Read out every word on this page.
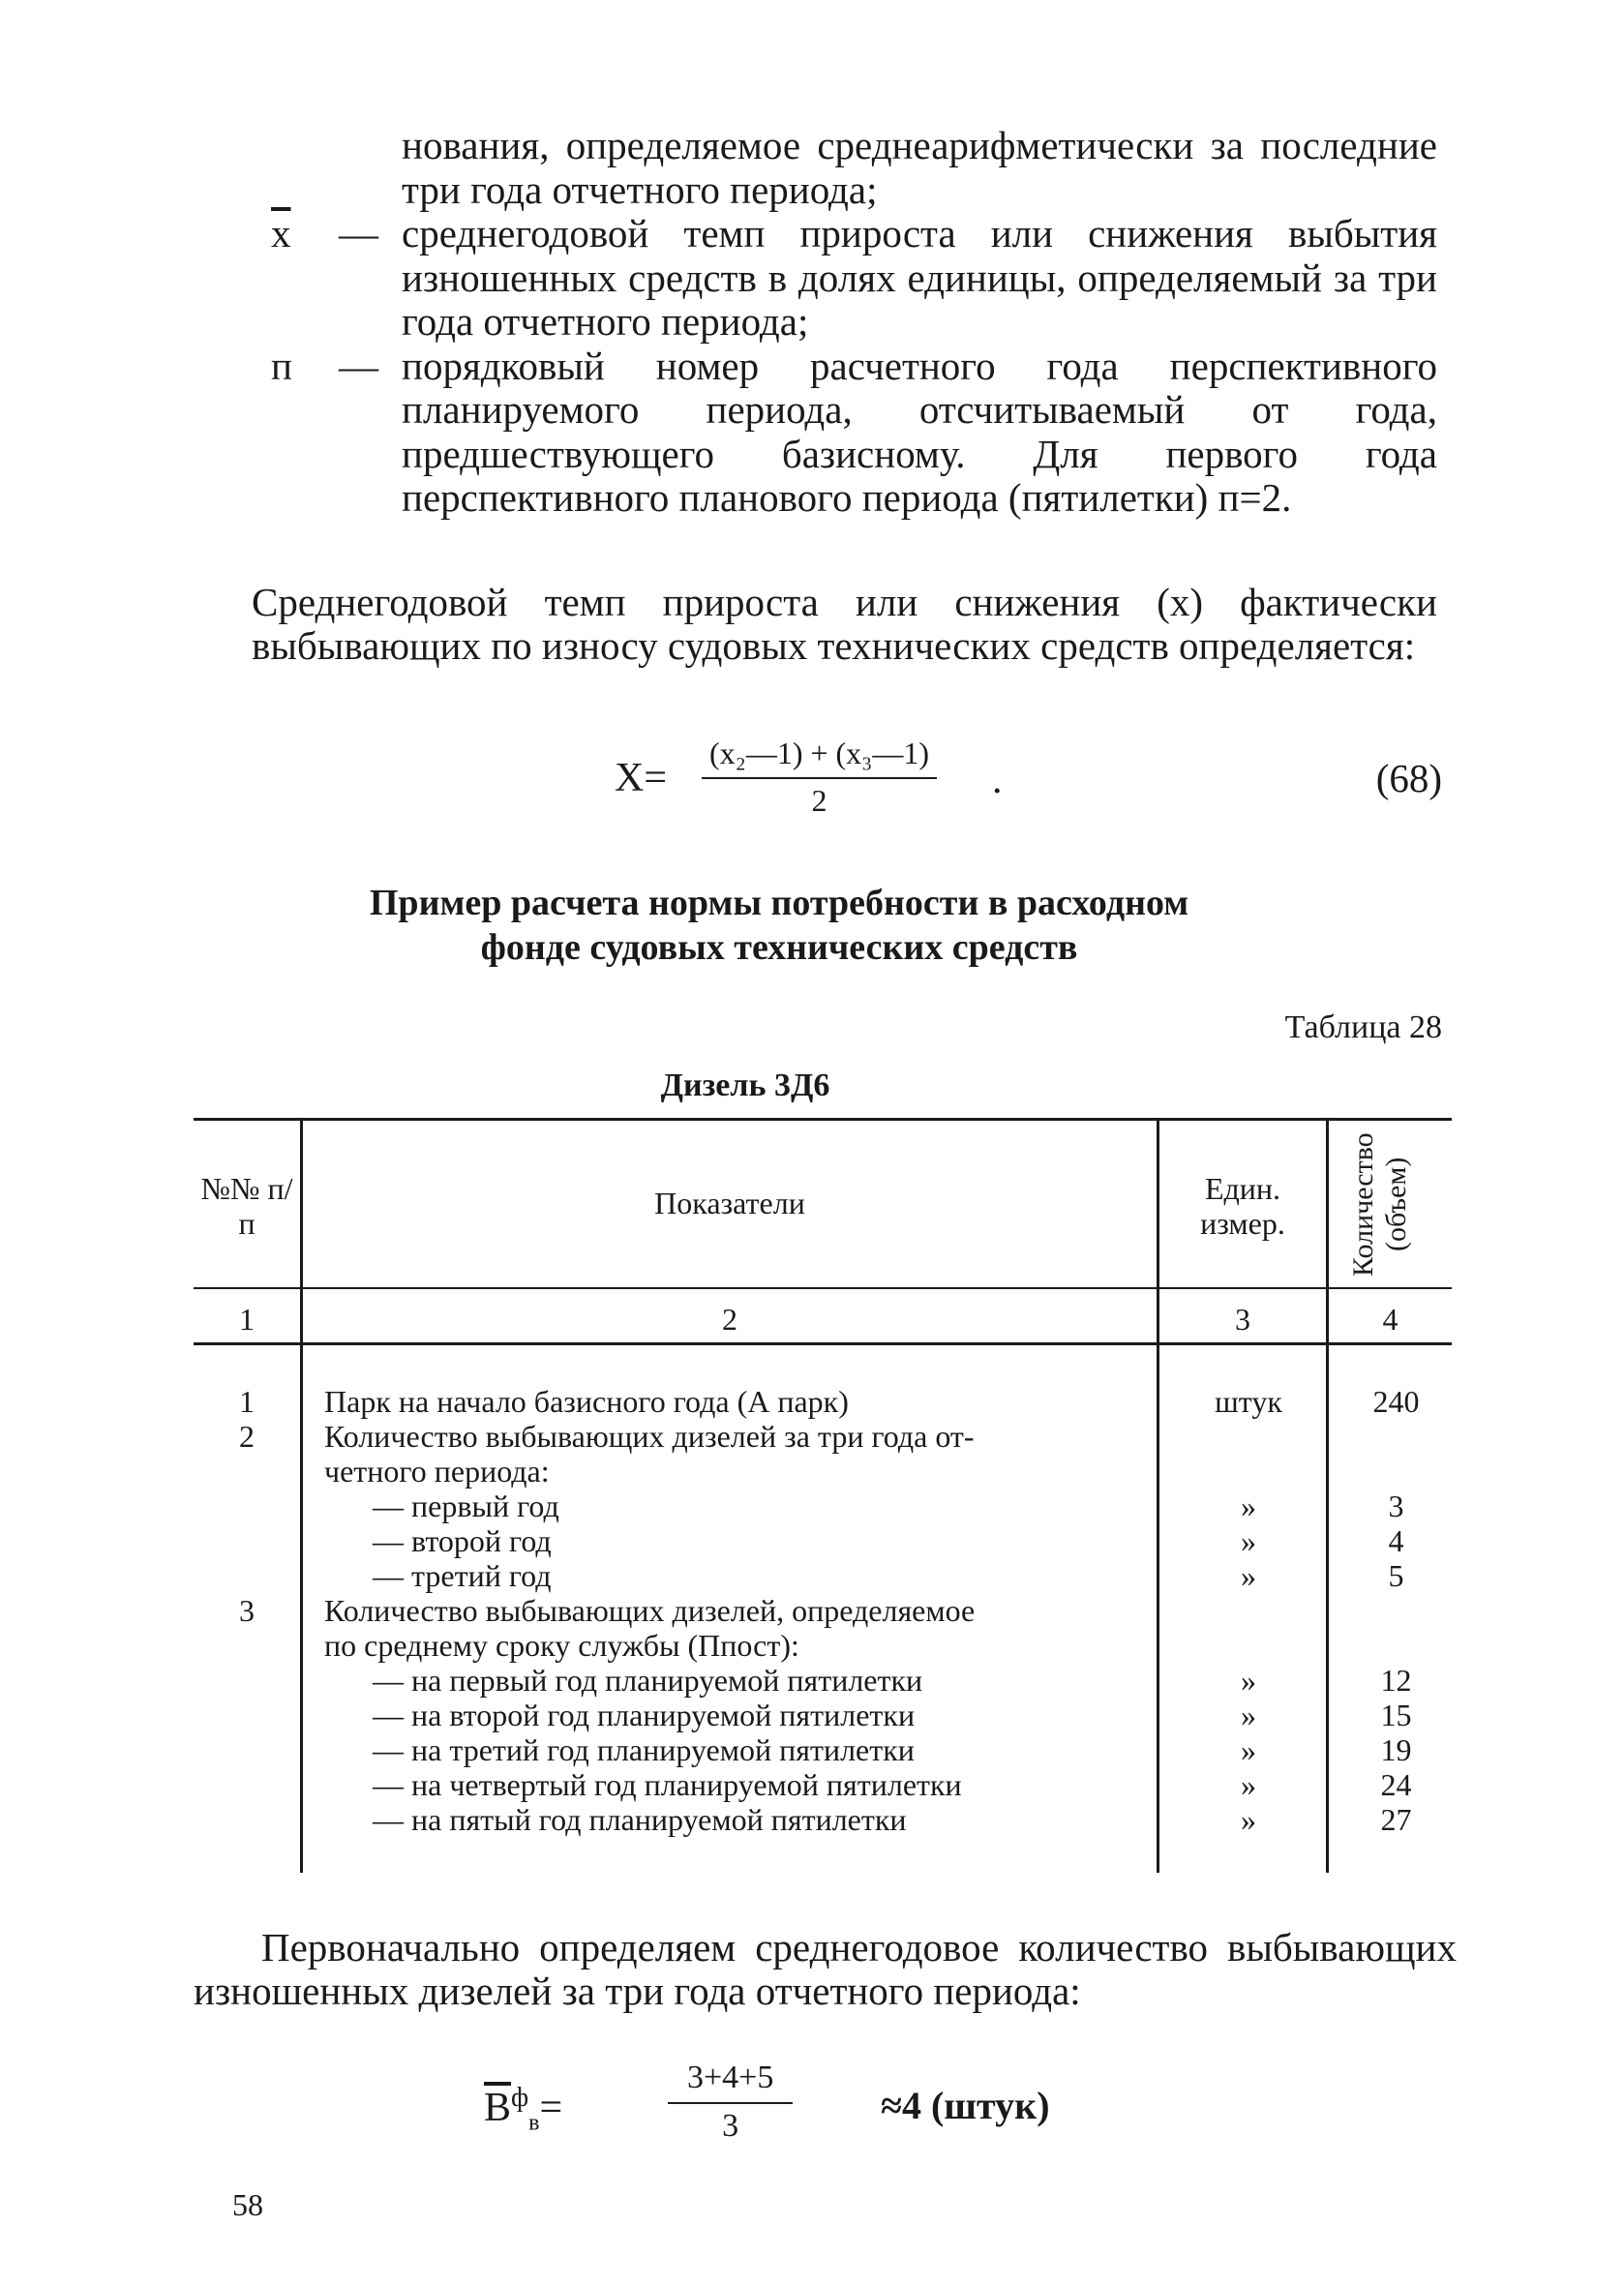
нования, определяемое среднеарифметически за последние три года отчетного периода;
$\overline{x}$	— среднегодовой темп прироста или снижения выбытия изношенных средств в долях единицы, определяемый за три года отчетного периода;
п	— порядковый номер расчетного года перспективного планируемого периода, отсчитываемый от года, предшествующего базисному. Для первого года перспективного планового периода (пятилетки) п=2.
Среднегодовой темп прироста или снижения (x) фактически выбывающих по износу судовых технических средств определяется:
$X= \frac{\text{(x₂—1) + (x₃—1)}}{2}$ .	(68)
Пример расчета нормы потребности в расходном
фонде судовых технических средств
Таблица 28
Дизель 3Д6
№№ п/п
Показатели	Един. измер.	Количество (объем)
1	2	3	4
1	Парк на начало базисного года (А парк)	штук	240
2	Количество выбывающих дизелей за три года от-
четного периода:
— первый год	»	3
— второй год	»	4
— третий год	»	5
3	Количество выбывающих дизелей, определяемое
по среднему сроку службы (Ппост):
— на первый год планируемой пятилетки	»	12
— на второй год планируемой пятилетки	»	15
— на третий год планируемой пятилетки	»	19
— на четвертый год планируемой пятилетки	»	24
— на пятый год планируемой пятилетки	»	27
Первоначально определяем среднегодовое количество выбывающих изношенных дизелей за три года отчетного периода:
$\overline{B}^ф_в=$	$\frac{3+4+5}{3} \approx 4$ (штук)
58
